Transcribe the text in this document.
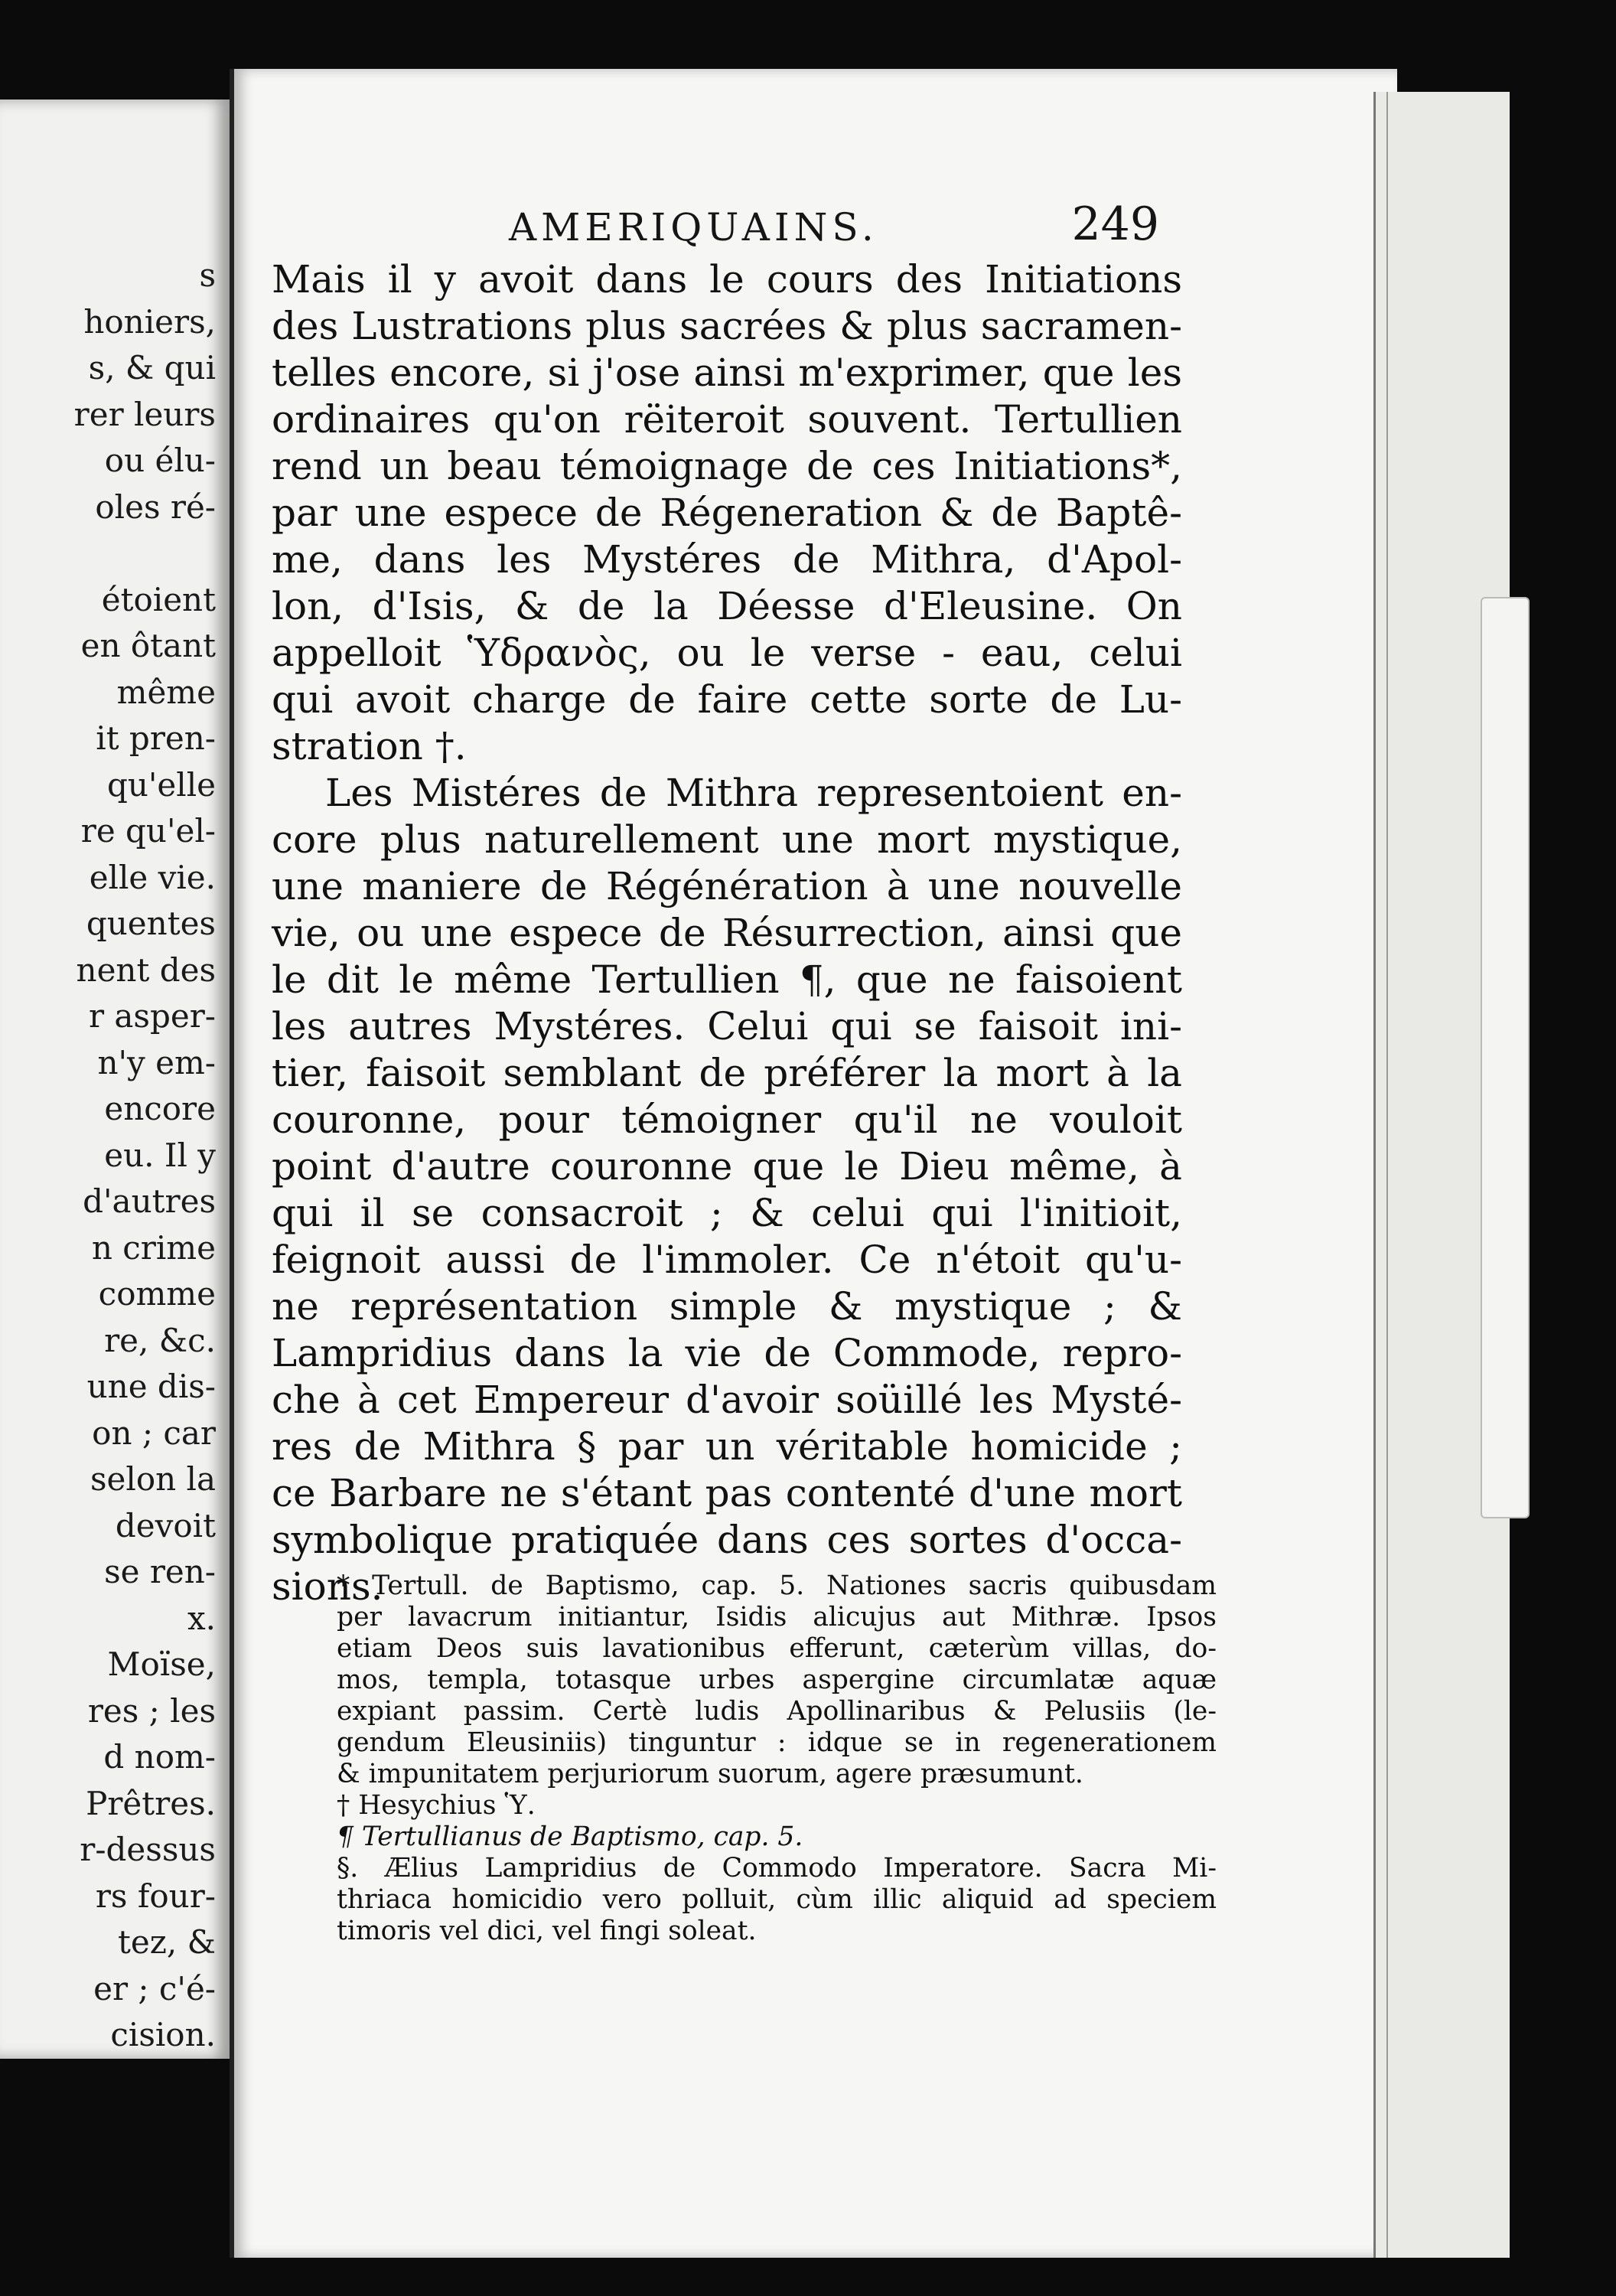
s
honiers,
s, & qui
rer leurs
ou élu-
oles ré-

étoient
en ôtant
même
it pren-
qu'elle
re qu'el-
elle vie.
quentes
nent des
r asper-
n'y em-
encore
eu. Il y
d'autres
n crime
comme
re, &c.
une dis-
on ; car
selon la
devoit
se ren-
x.
Moïse,
res ; les
d nom-
Prêtres.
r-dessus
rs four-
tez, &
er ; c'é-
cision.
AMERIQUAINS.	249
Mais il y avoit dans le cours des Initiations
des Lustrations plus sacrées & plus sacramen-
telles encore, si j'ose ainsi m'exprimer, que les
ordinaires qu'on rëiteroit souvent. Tertullien
rend un beau témoignage de ces Initiations*,
par une espece de Régeneration & de Baptê-
me, dans les Mystéres de Mithra, d'Apol-
lon, d'Isis, & de la Déesse d'Eleusine. On
appelloit Ὑδρανὸς, ou le verse - eau, celui
qui avoit charge de faire cette sorte de Lu-
stration †.
Les Mistéres de Mithra representoient en-
core plus naturellement une mort mystique,
une maniere de Régénération à une nouvelle
vie, ou une espece de Résurrection, ainsi que
le dit le même Tertullien ¶, que ne faisoient
les autres Mystéres. Celui qui se faisoit ini-
tier, faisoit semblant de préférer la mort à la
couronne, pour témoigner qu'il ne vouloit
point d'autre couronne que le Dieu même, à
qui il se consacroit ; & celui qui l'initioit,
feignoit aussi de l'immoler. Ce n'étoit qu'u-
ne représentation simple & mystique ; &
Lampridius dans la vie de Commode, repro-
che à cet Empereur d'avoir soüillé les Mysté-
res de Mithra § par un véritable homicide ;
ce Barbare ne s'étant pas contenté d'une mort
symbolique pratiquée dans ces sortes d'occa-
sions.
* Tertull. de Baptismo, cap. 5. Nationes sacris quibusdam
per lavacrum initiantur, Isidis alicujus aut Mithræ. Ipsos
etiam Deos suis lavationibus efferunt, cæterùm villas, do-
mos, templa, totasque urbes aspergine circumlatæ aquæ
expiant passim. Certè ludis Apollinaribus & Pelusiis (le-
gendum Eleusiniis) tinguntur : idque se in regenerationem
& impunitatem perjuriorum suorum, agere præsumunt.
† Hesychius Ὑ.
¶ Tertullianus de Baptismo, cap. 5.
§. Ælius Lampridius de Commodo Imperatore. Sacra Mi-
thriaca homicidio vero polluit, cùm illic aliquid ad speciem
timoris vel dici, vel fingi soleat.
